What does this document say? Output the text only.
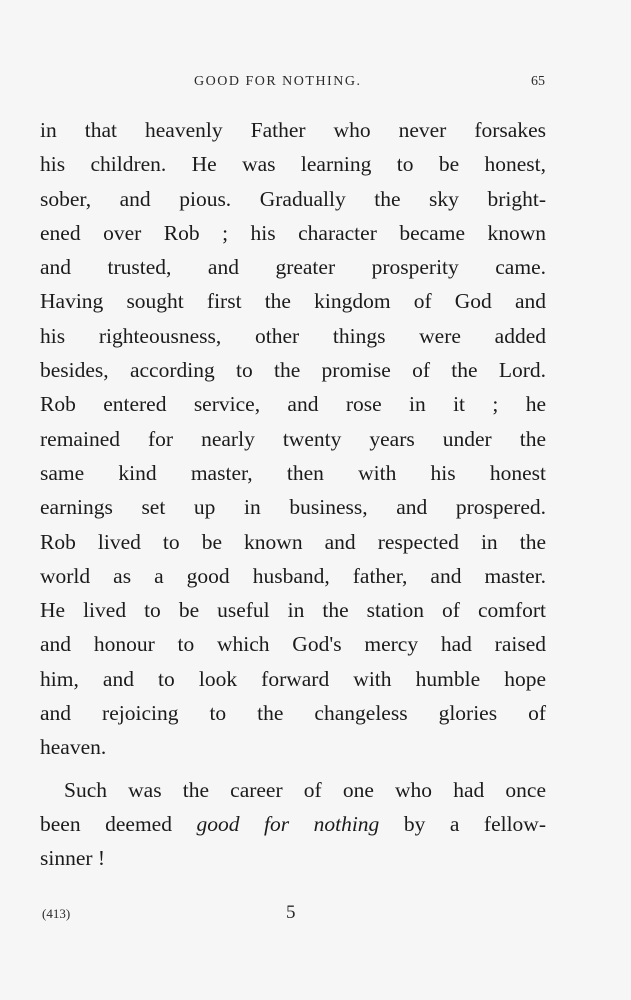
GOOD FOR NOTHING.	65
in that heavenly Father who never forsakes
his children. He was learning to be honest,
sober, and pious. Gradually the sky bright-
ened over Rob ; his character became known
and trusted, and greater prosperity came.
Having sought first the kingdom of God and
his righteousness, other things were added
besides, according to the promise of the Lord.
Rob entered service, and rose in it ; he
remained for nearly twenty years under the
same kind master, then with his honest
earnings set up in business, and prospered.
Rob lived to be known and respected in the
world as a good husband, father, and master.
He lived to be useful in the station of comfort
and honour to which God's mercy had raised
him, and to look forward with humble hope
and rejoicing to the changeless glories of
heaven.
Such was the career of one who had once
been deemed good for nothing by a fellow-
sinner !
(413)	5
